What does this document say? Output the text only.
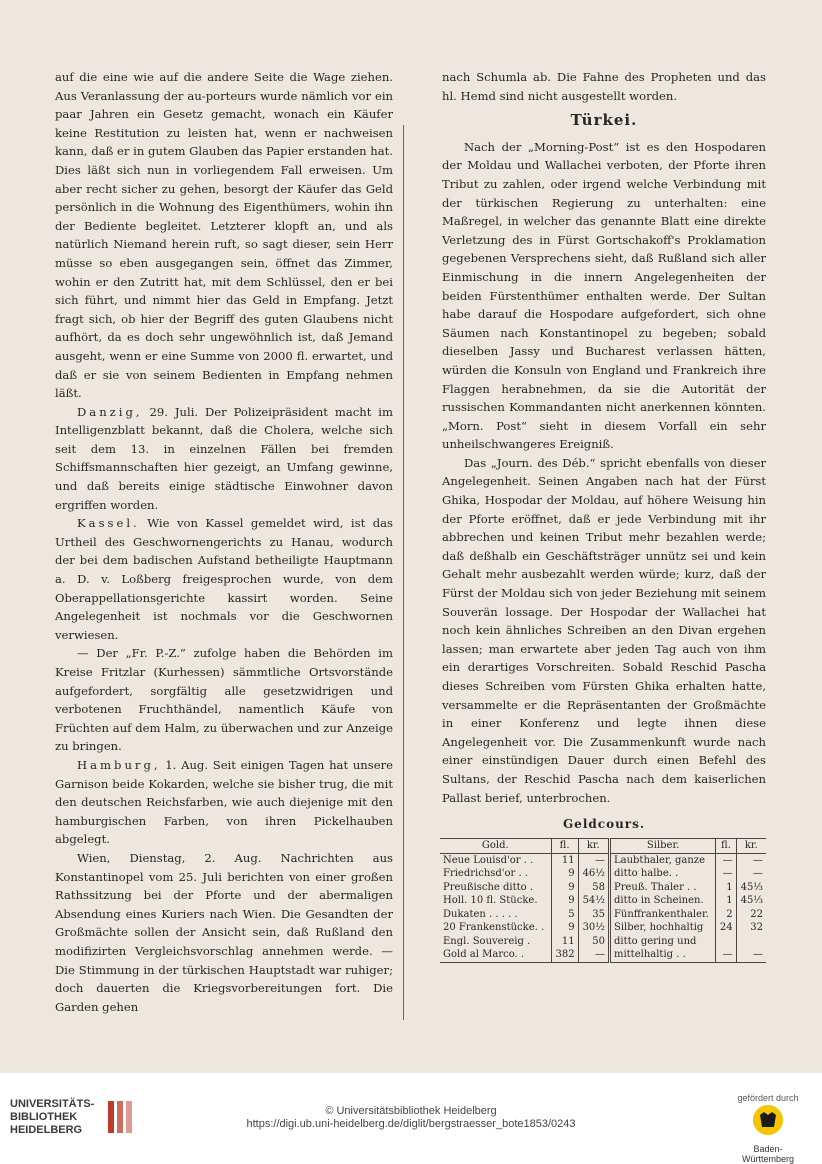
auf die eine wie auf die andere Seite die Wage ziehen. Aus Veranlassung der au-porteurs wurde nämlich vor ein paar Jahren ein Gesetz gemacht, wonach ein Käufer keine Restitution zu leisten hat, wenn er nachweisen kann, daß er in gutem Glauben das Papier erstanden hat. Dies läßt sich nun in vorliegendem Fall erweisen. Um aber recht sicher zu gehen, besorgt der Käufer das Geld persönlich in die Wohnung des Eigenthümers, wohin ihn der Bediente begleitet. Letzterer klopft an, und als natürlich Niemand herein ruft, so sagt dieser, sein Herr müsse so eben ausgegangen sein, öffnet das Zimmer, wohin er den Zutritt hat, mit dem Schlüssel, den er bei sich führt, und nimmt hier das Geld in Empfang. Jetzt fragt sich, ob hier der Begriff des guten Glaubens nicht aufhört, da es doch sehr ungewöhnlich ist, daß Jemand ausgeht, wenn er eine Summe von 2000 fl. erwartet, und daß er sie von seinem Bedienten in Empfang nehmen läßt.

Danzig, 29. Juli. Der Polizeipräsident macht im Intelligenzblatt bekannt, daß die Cholera, welche sich seit dem 13. in einzelnen Fällen bei fremden Schiffsmannschaften hier gezeigt, an Umfang gewinne, und daß bereits einige städtische Einwohner davon ergriffen worden.

Kassel. Wie von Kassel gemeldet wird, ist das Urtheil des Geschwornengerichts zu Hanau, wodurch der bei dem badischen Aufstand betheiligte Hauptmann a. D. v. Loßberg freigesprochen wurde, von dem Oberappellationsgerichte kassirt worden. Seine Angelegenheit ist nochmals vor die Geschwornen verwiesen.

— Der „Fr. P.-Z.“ zufolge haben die Behörden im Kreise Fritzlar (Kurhessen) sämmtliche Ortsvorstände aufgefordert, sorgfältig alle gesetzwidrigen und verbotenen Fruchthändel, namentlich Käufe von Früchten auf dem Halm, zu überwachen und zur Anzeige zu bringen.

Hamburg, 1. Aug. Seit einigen Tagen hat unsere Garnison beide Kokarden, welche sie bisher trug, die mit den deutschen Reichsfarben, wie auch diejenige mit den hamburgischen Farben, von ihren Pickelhauben abgelegt.

Wien, Dienstag, 2. Aug. Nachrichten aus Konstantinopel vom 25. Juli berichten von einer großen Rathssitzung bei der Pforte und der abermaligen Absendung eines Kuriers nach Wien. Die Gesandten der Großmächte sollen der Ansicht sein, daß Rußland den modifizirten Vergleichsvorschlag annehmen werde. — Die Stimmung in der türkischen Hauptstadt war ruhiger; doch dauerten die Kriegsvorbereitungen fort. Die Garden gehen

nach Schumla ab. Die Fahne des Propheten und das hl. Hemd sind nicht ausgestellt worden.

Türkei.

Nach der „Morning-Post“ ist es den Hospodaren der Moldau und Wallachei verboten, der Pforte ihren Tribut zu zahlen, oder irgend welche Verbindung mit der türkischen Regierung zu unterhalten: eine Maßregel, in welcher das genannte Blatt eine direkte Verletzung des in Fürst Gortschakoff's Proklamation gegebenen Versprechens sieht, daß Rußland sich aller Einmischung in die innern Angelegenheiten der beiden Fürstenthümer enthalten werde. Der Sultan habe darauf die Hospodare aufgefordert, sich ohne Säumen nach Konstantinopel zu begeben; sobald dieselben Jassy und Bucharest verlassen hätten, würden die Konsuln von England und Frankreich ihre Flaggen herabnehmen, da sie die Autorität der russischen Kommandanten nicht anerkennen könnten. „Morn. Post“ sieht in diesem Vorfall ein sehr unheilschwangeres Ereigniß.

Das „Journ. des Déb.“ spricht ebenfalls von dieser Angelegenheit. Seinen Angaben nach hat der Fürst Ghika, Hospodar der Moldau, auf höhere Weisung hin der Pforte eröffnet, daß er jede Verbindung mit ihr abbrechen und keinen Tribut mehr bezahlen werde; daß deßhalb ein Geschäftsträger unnütz sei und kein Gehalt mehr ausbezahlt werden würde; kurz, daß der Fürst der Moldau sich von jeder Beziehung mit seinem Souverän lossage. Der Hospodar der Wallachei hat noch kein ähnliches Schreiben an den Divan ergehen lassen; man erwartete aber jeden Tag auch von ihm ein derartiges Vorschreiten. Sobald Reschid Pascha dieses Schreiben vom Fürsten Ghika erhalten hatte, versammelte er die Repräsentanten der Großmächte in einer Konferenz und legte ihnen diese Angelegenheit vor. Die Zusammenkunft wurde nach einer einstündigen Dauer durch einen Befehl des Sultans, der Reschid Pascha nach dem kaiserlichen Pallast berief, unterbrochen.

Geldcours.
Gold.	fl.	kr.	Silber.	fl.	kr.
Neue Louisd'or . .	11	—	Laubthaler, ganze	—	—
Friedrichsd'or . .	9	46½	ditto halbe. .	—	—
Preußische ditto .	9	58	Preuß. Thaler . .	1	45⅓
Holl. 10 fl. Stücke.	9	54½	ditto in Scheinen.	1	45⅓
Dukaten . . . . .	5	35	Fünffrankenthaler.	2	22
20 Frankenstücke. .	9	30½	Silber, hochhaltig	24	32
Engl. Souvereig .	11	50	ditto gering und		
Gold al Marco. .	382	—	mittelhaltig . .	—	—
UNIVERSITÄTS-
BIBLIOTHEK
HEIDELBERG
© Universitätsbibliothek Heidelberg
https://digi.ub.uni-heidelberg.de/diglit/bergstraesser_bote1853/0243
gefördert durch
Baden-Württemberg
